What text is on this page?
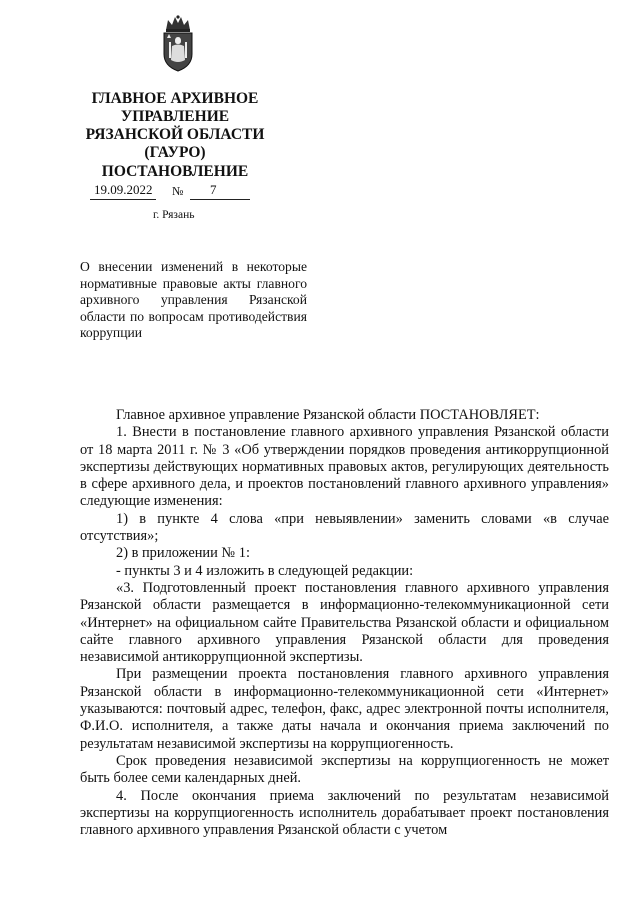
ГЛАВНОЕ АРХИВНОЕ
УПРАВЛЕНИЕ
РЯЗАНСКОЙ ОБЛАСТИ
(ГАУРО)
ПОСТАНОВЛЕНИЕ
19.09.2022 № 7
г. Рязань

О внесении изменений в некоторые нормативные правовые акты главного архивного управления Рязанской области по вопросам противодействия коррупции

Главное архивное управление Рязанской области ПОСТАНОВЛЯЕТ:

1. Внести в постановление главного архивного управления Рязанской области от 18 марта 2011 г. № 3 «Об утверждении порядков проведения антикоррупционной экспертизы действующих нормативных правовых актов, регулирующих деятельность в сфере архивного дела, и проектов постановлений главного архивного управления» следующие изменения:

1) в пункте 4 слова «при невыявлении» заменить словами «в случае отсутствия»;

2) в приложении № 1:

- пункты 3 и 4 изложить в следующей редакции:

«3. Подготовленный проект постановления главного архивного управления Рязанской области размещается в информационно-телекоммуникационной сети «Интернет» на официальном сайте Правительства Рязанской области и официальном сайте главного архивного управления Рязанской области для проведения независимой антикоррупционной экспертизы.

При размещении проекта постановления главного архивного управления Рязанской области в информационно-телекоммуникационной сети «Интернет» указываются: почтовый адрес, телефон, факс, адрес электронной почты исполнителя, Ф.И.О. исполнителя, а также даты начала и окончания приема заключений по результатам независимой экспертизы на коррупциогенность.

Срок проведения независимой экспертизы на коррупциогенность не может быть более семи календарных дней.

4. После окончания приема заключений по результатам независимой экспертизы на коррупциогенность исполнитель дорабатывает проект постановления главного архивного управления Рязанской области с учетом
